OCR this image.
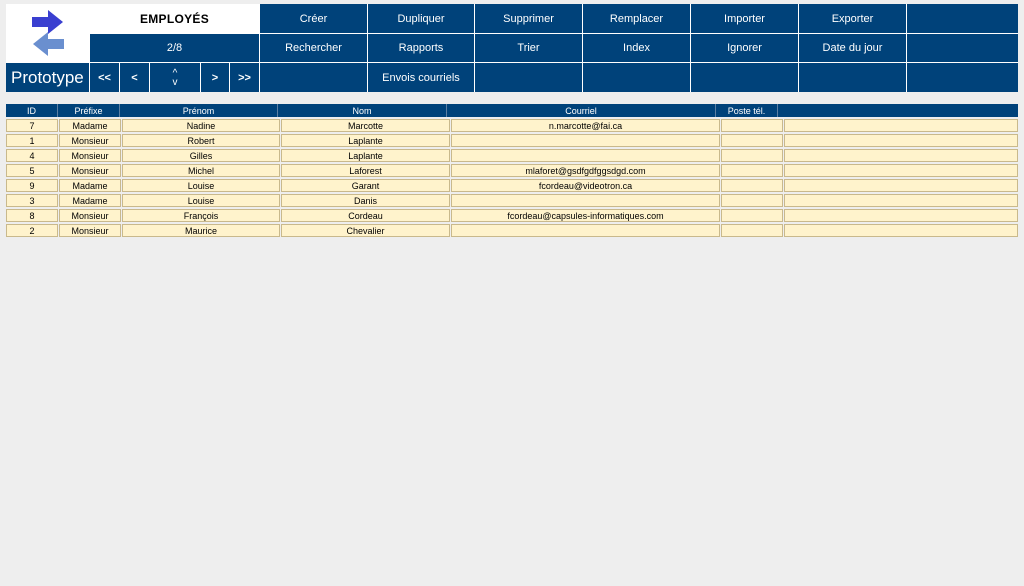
EMPLOYÉS	Créer	Dupliquer	Supprimer	Remplacer	Importer	Exporter
2/8	Rechercher	Rapports	Trier	Index	Ignorer	Date du jour
Prototype	<<	<	^
v	>	>>	Envois courriels
ID	Préfixe	Prénom	Nom	Courriel	Poste tél.
7	Madame	Nadine	Marcotte	n.marcotte@fai.ca
1	Monsieur	Robert	Laplante
4	Monsieur	Gilles	Laplante
5	Monsieur	Michel	Laforest	mlaforet@gsdfgdfggsdgd.com
9	Madame	Louise	Garant	fcordeau@videotron.ca
3	Madame	Louise	Danis
8	Monsieur	François	Cordeau	fcordeau@capsules-informatiques.com
2	Monsieur	Maurice	Chevalier
